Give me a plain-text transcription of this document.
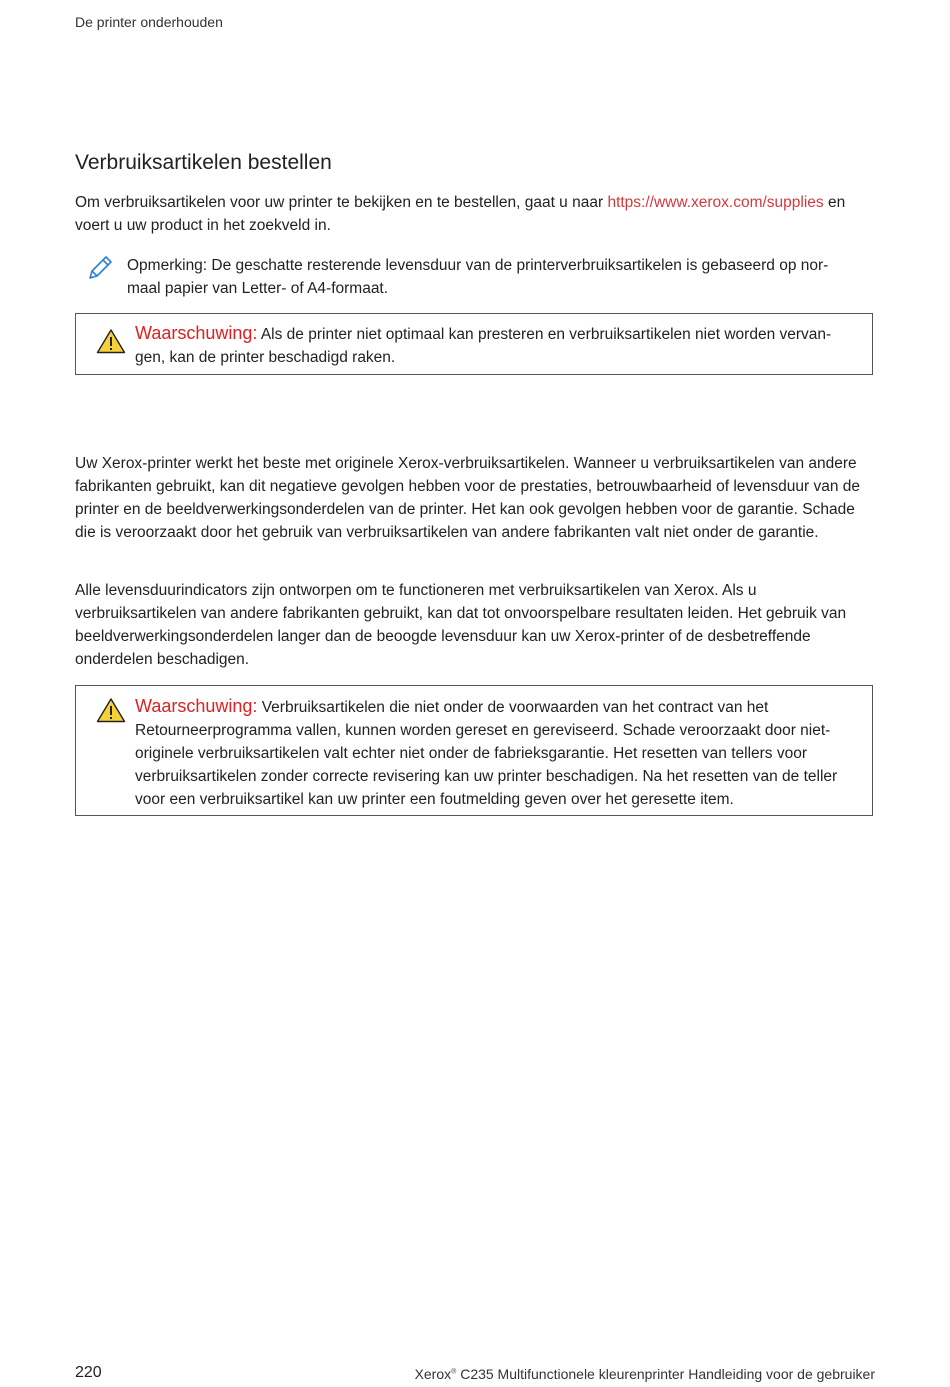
De printer onderhouden
Verbruiksartikelen bestellen

Om verbruiksartikelen voor uw printer te bekijken en te bestellen, gaat u naar https://www.xerox.com/supplies en voert u uw product in het zoekveld in.

Opmerking: De geschatte resterende levensduur van de printerverbruiksartikelen is gebaseerd op nor- maal papier van Letter- of A4-formaat.

Waarschuwing: Als de printer niet optimaal kan presteren en verbruiksartikelen niet worden vervan- gen, kan de printer beschadigd raken.

Uw Xerox-printer werkt het beste met originele Xerox-verbruiksartikelen. Wanneer u verbruiksartikelen van andere fabrikanten gebruikt, kan dit negatieve gevolgen hebben voor de prestaties, betrouwbaarheid of levensduur van de printer en de beeldverwerkingsonderdelen van de printer. Het kan ook gevolgen hebben voor de garantie. Schade die is veroorzaakt door het gebruik van verbruiksartikelen van andere fabrikanten valt niet onder de garantie.

Alle levensduurindicators zijn ontworpen om te functioneren met verbruiksartikelen van Xerox. Als u verbruiksartikelen van andere fabrikanten gebruikt, kan dat tot onvoorspelbare resultaten leiden. Het gebruik van beeldverwerkingsonderdelen langer dan de beoogde levensduur kan uw Xerox-printer of de desbetreffende onderdelen beschadigen.

Waarschuwing: Verbruiksartikelen die niet onder de voorwaarden van het contract van het Retourneerprogramma vallen, kunnen worden gereset en gereviseerd. Schade veroorzaakt door niet- originele verbruiksartikelen valt echter niet onder de fabrieksgarantie. Het resetten van tellers voor verbruiksartikelen zonder correcte revisering kan uw printer beschadigen. Na het resetten van de teller voor een verbruiksartikel kan uw printer een foutmelding geven over het geresette item.

220	Xerox® C235 Multifunctionele kleurenprinter Handleiding voor de gebruiker
